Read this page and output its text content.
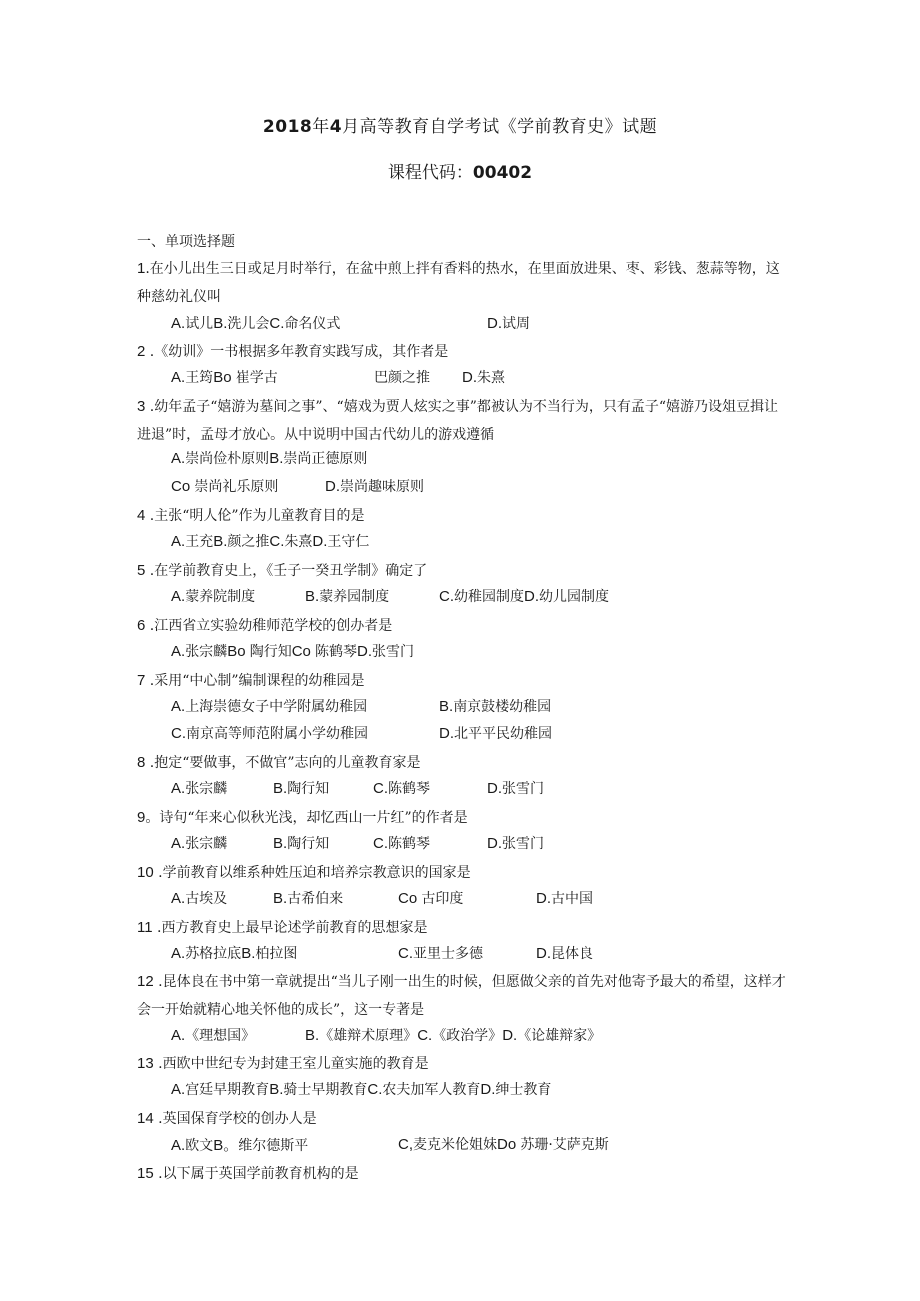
2018年4月高等教育自学考试《学前教育史》试题
课程代码：00402
一、单项选择题
1.在小儿出生三日或足月时举行，在盆中煎上拌有香料的热水，在里面放进果、枣、彩钱、葱蒜等物，这种慈幼礼仪叫
A.试儿B.洗儿会C.命名仪式	D.试周
2 .《幼训》一书根据多年教育实践写成，其作者是
A.王筠Bo 崔学古	巴颜之推 D.朱熹
3 .幼年孟子“嬉游为墓间之事”、“嬉戏为贾人炫实之事”都被认为不当行为，只有孟子“嬉游乃设俎豆揖让进退”时，孟母才放心。从中说明中国古代幼儿的游戏遵循
A.崇尚俭朴原则B.崇尚正德原则
Co 崇尚礼乐原则	D.崇尚趣味原则
4 .主张“明人伦”作为儿童教育目的是
A.王充B.颜之推C.朱熹D.王守仁
5 .在学前教育史上，《壬子一癸丑学制》确定了
A.蒙养院制度	B.蒙养园制度	C.幼稚园制度D.幼儿园制度
6 .江西省立实验幼稚师范学校的创办者是
A.张宗麟Bo 陶行知Co 陈鹤琴D.张雪门
7 .采用“中心制”编制课程的幼稚园是
A.上海崇德女子中学附属幼稚园	B.南京鼓楼幼稚园
C.南京高等师范附属小学幼稚园	D.北平平民幼稚园
8 .抱定“要做事，不做官”志向的儿童教育家是
A.张宗麟	B.陶行知	C.陈鹤琴	D.张雪门
9。诗句“年来心似秋光浅，却忆西山一片红”的作者是
A.张宗麟	B.陶行知	C.陈鹤琴	D.张雪门
10 .学前教育以维系种姓压迫和培养宗教意识的国家是
A.古埃及	B.古希伯来	Co 古印度	D.古中国
11 .西方教育史上最早论述学前教育的思想家是
A.苏格拉底B.柏拉图	C.亚里士多德	D.昆体良
12 .昆体良在书中第一章就提出“当儿子刚一出生的时候，但愿做父亲的首先对他寄予最大的希望，这样才会一开始就精心地关怀他的成长”，这一专著是
A.《理想国》	B.《雄辩术原理》C.《政治学》D.《论雄辩家》
13 .西欧中世纪专为封建王室儿童实施的教育是
A.宫廷早期教育B.骑士早期教育C.农夫加军人教育D.绅士教育
14 .英国保育学校的创办人是
A.欧文B。维尔德斯平	C,麦克米伦姐妹Do 苏珊·艾萨克斯
15 .以下属于英国学前教育机构的是
